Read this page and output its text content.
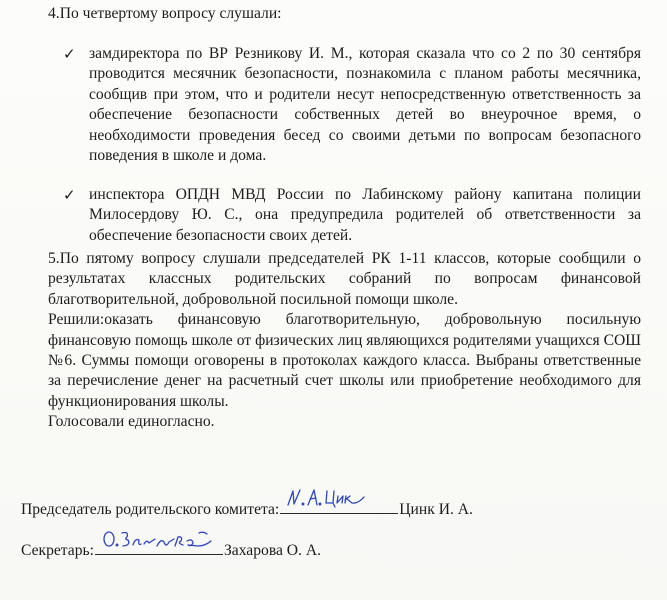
4.По четвертому вопросу слушали:
✓ замдиректора по ВР Резникову И. М., которая сказала что со 2 по 30 сентября проводится месячник безопасности, познакомила с планом работы месячника, сообщив при этом, что и родители несут непосредственную ответственность за обеспечение безопасности собственных детей во внеурочное время, о необходимости проведения бесед со своими детьми по вопросам безопасного поведения в школе и дома.

✓ инспектора ОПДН МВД России по Лабинскому району капитана полиции Милосердову Ю. С., она предупредила родителей об ответственности за обеспечение безопасности своих детей.

5.По пятому вопросу слушали председателей РК 1-11 классов, которые сообщили о результатах классных родительских собраний по вопросам финансовой благотворительной, добровольной посильной помощи школе.

Решили:оказать финансовую благотворительную, добровольную посильную финансовую помощь школе от физических лиц являющихся родителями учащихся СОШ №6. Суммы помощи оговорены в протоколах каждого класса. Выбраны ответственные за перечисление денег на расчетный счет школы или приобретение необходимого для функционирования школы.

Голосовали единогласно.

Председатель родительского комитета:	Цинк И. А.
Секретарь:	Захарова О. А.
